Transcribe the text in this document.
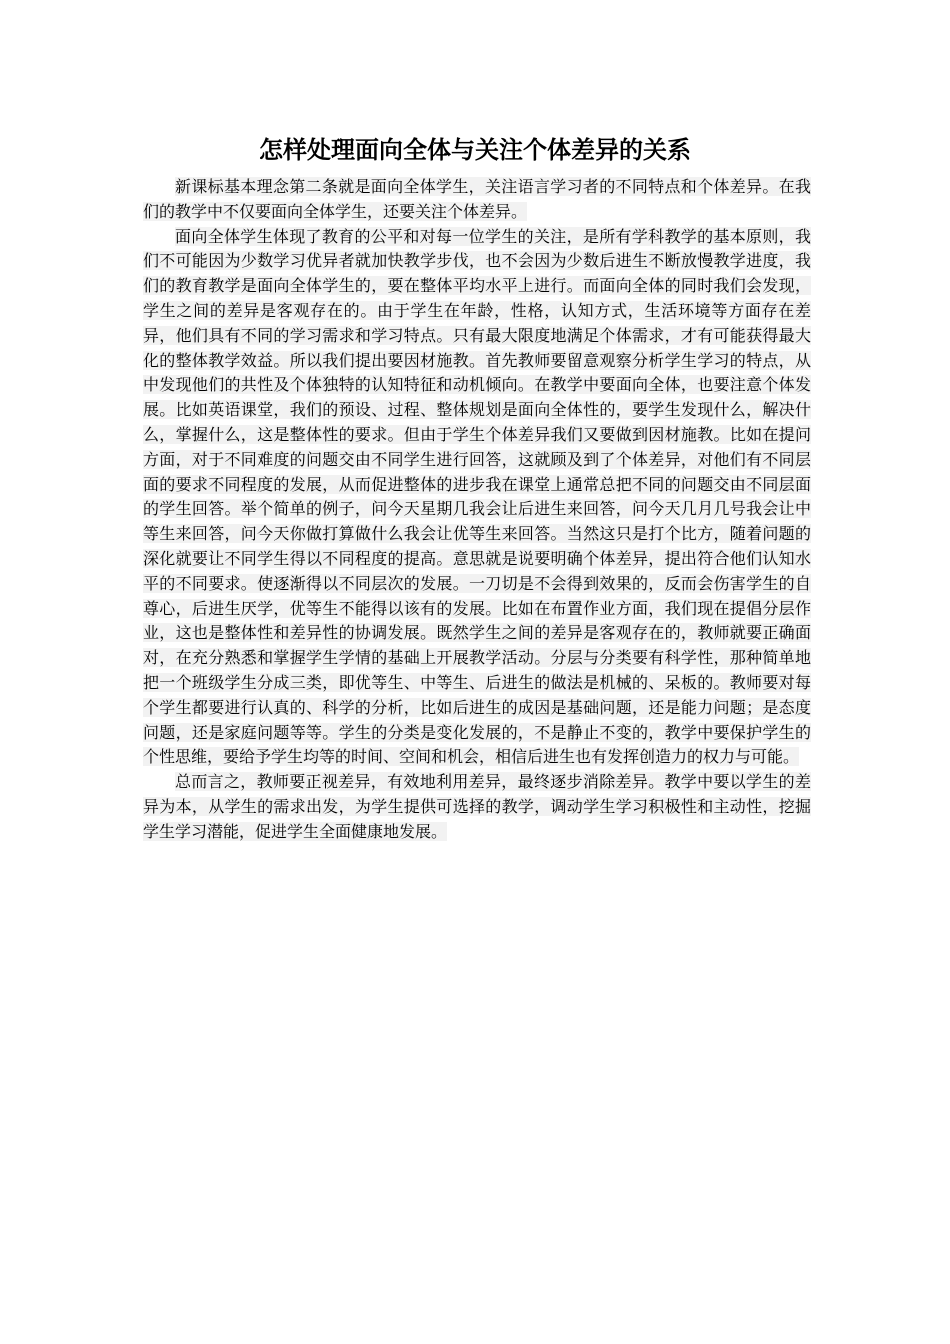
怎样处理面向全体与关注个体差异的关系

新课标基本理念第二条就是面向全体学生，关注语言学习者的不同特点和个体差异。在我们的教学中不仅要面向全体学生，还要关注个体差异。

面向全体学生体现了教育的公平和对每一位学生的关注，是所有学科教学的基本原则，我们不可能因为少数学习优异者就加快教学步伐，也不会因为少数后进生不断放慢教学进度，我们的教育教学是面向全体学生的，要在整体平均水平上进行。而面向全体的同时我们会发现，学生之间的差异是客观存在的。由于学生在年龄，性格，认知方式，生活环境等方面存在差异，他们具有不同的学习需求和学习特点。只有最大限度地满足个体需求，才有可能获得最大化的整体教学效益。所以我们提出要因材施教。首先教师要留意观察分析学生学习的特点，从中发现他们的共性及个体独特的认知特征和动机倾向。在教学中要面向全体，也要注意个体发展。比如英语课堂，我们的预设、过程、整体规划是面向全体性的，要学生发现什么，解决什么，掌握什么，这是整体性的要求。但由于学生个体差异我们又要做到因材施教。比如在提问方面，对于不同难度的问题交由不同学生进行回答，这就顾及到了个体差异，对他们有不同层面的要求不同程度的发展，从而促进整体的进步我在课堂上通常总把不同的问题交由不同层面的学生回答。举个简单的例子，问今天星期几我会让后进生来回答，问今天几月几号我会让中等生来回答，问今天你做打算做什么我会让优等生来回答。当然这只是打个比方，随着问题的深化就要让不同学生得以不同程度的提高。意思就是说要明确个体差异，提出符合他们认知水平的不同要求。使逐渐得以不同层次的发展。一刀切是不会得到效果的，反而会伤害学生的自尊心，后进生厌学，优等生不能得以该有的发展。比如在布置作业方面，我们现在提倡分层作业，这也是整体性和差异性的协调发展。既然学生之间的差异是客观存在的，教师就要正确面对，在充分熟悉和掌握学生学情的基础上开展教学活动。分层与分类要有科学性，那种简单地把一个班级学生分成三类，即优等生、中等生、后进生的做法是机械的、呆板的。教师要对每个学生都要进行认真的、科学的分析，比如后进生的成因是基础问题，还是能力问题；是态度问题，还是家庭问题等等。学生的分类是变化发展的，不是静止不变的，教学中要保护学生的个性思维，要给予学生均等的时间、空间和机会，相信后进生也有发挥创造力的权力与可能。

总而言之，教师要正视差异，有效地利用差异，最终逐步消除差异。教学中要以学生的差异为本，从学生的需求出发，为学生提供可选择的教学，调动学生学习积极性和主动性，挖掘学生学习潜能，促进学生全面健康地发展。
